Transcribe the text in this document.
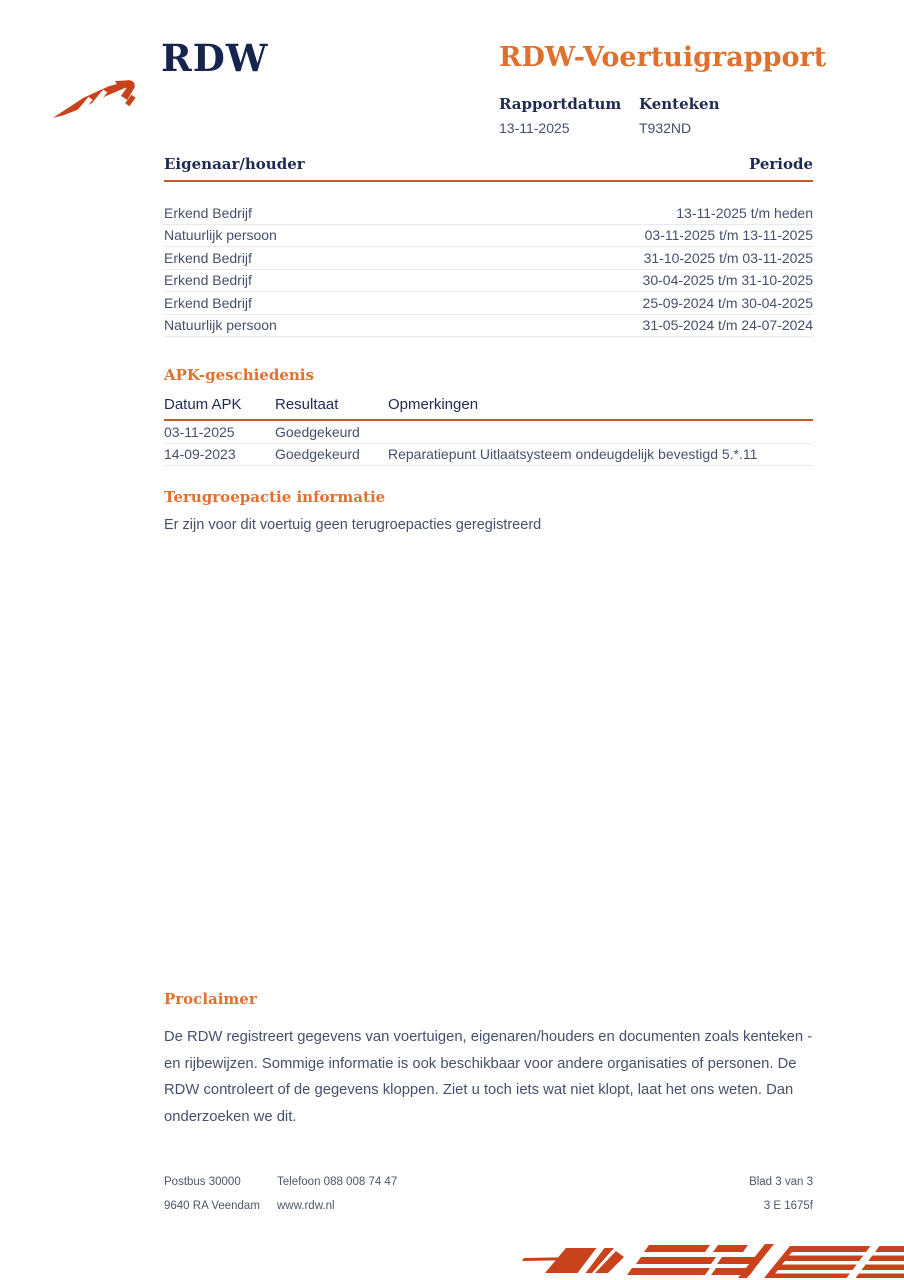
RDW	RDW-Voertuigrapport
Rapportdatum
13-11-2025
Kenteken
T932ND
Eigenaar/houder	Periode
Erkend Bedrijf	13-11-2025 t/m heden
Natuurlijk persoon	03-11-2025 t/m 13-11-2025
Erkend Bedrijf	31-10-2025 t/m 03-11-2025
Erkend Bedrijf	30-04-2025 t/m 31-10-2025
Erkend Bedrijf	25-09-2024 t/m 30-04-2025
Natuurlijk persoon	31-05-2024 t/m 24-07-2024
APK-geschiedenis
Datum APK	Resultaat	Opmerkingen
03-11-2025	Goedgekeurd
14-09-2023	Goedgekeurd	Reparatiepunt Uitlaatsysteem ondeugdelijk bevestigd 5.*.11
Terugroepactie informatie
Er zijn voor dit voertuig geen terugroepacties geregistreerd
Proclaimer
De RDW registreert gegevens van voertuigen, eigenaren/houders en documenten zoals kenteken - en rijbewijzen. Sommige informatie is ook beschikbaar voor andere organisaties of personen. De RDW controleert of de gegevens kloppen. Ziet u toch iets wat niet klopt, laat het ons weten. Dan onderzoeken we dit.
Postbus 30000	Telefoon 088 008 74 47	Blad 3 van 3
9640 RA Veendam	www.rdw.nl	3 E 1675f
